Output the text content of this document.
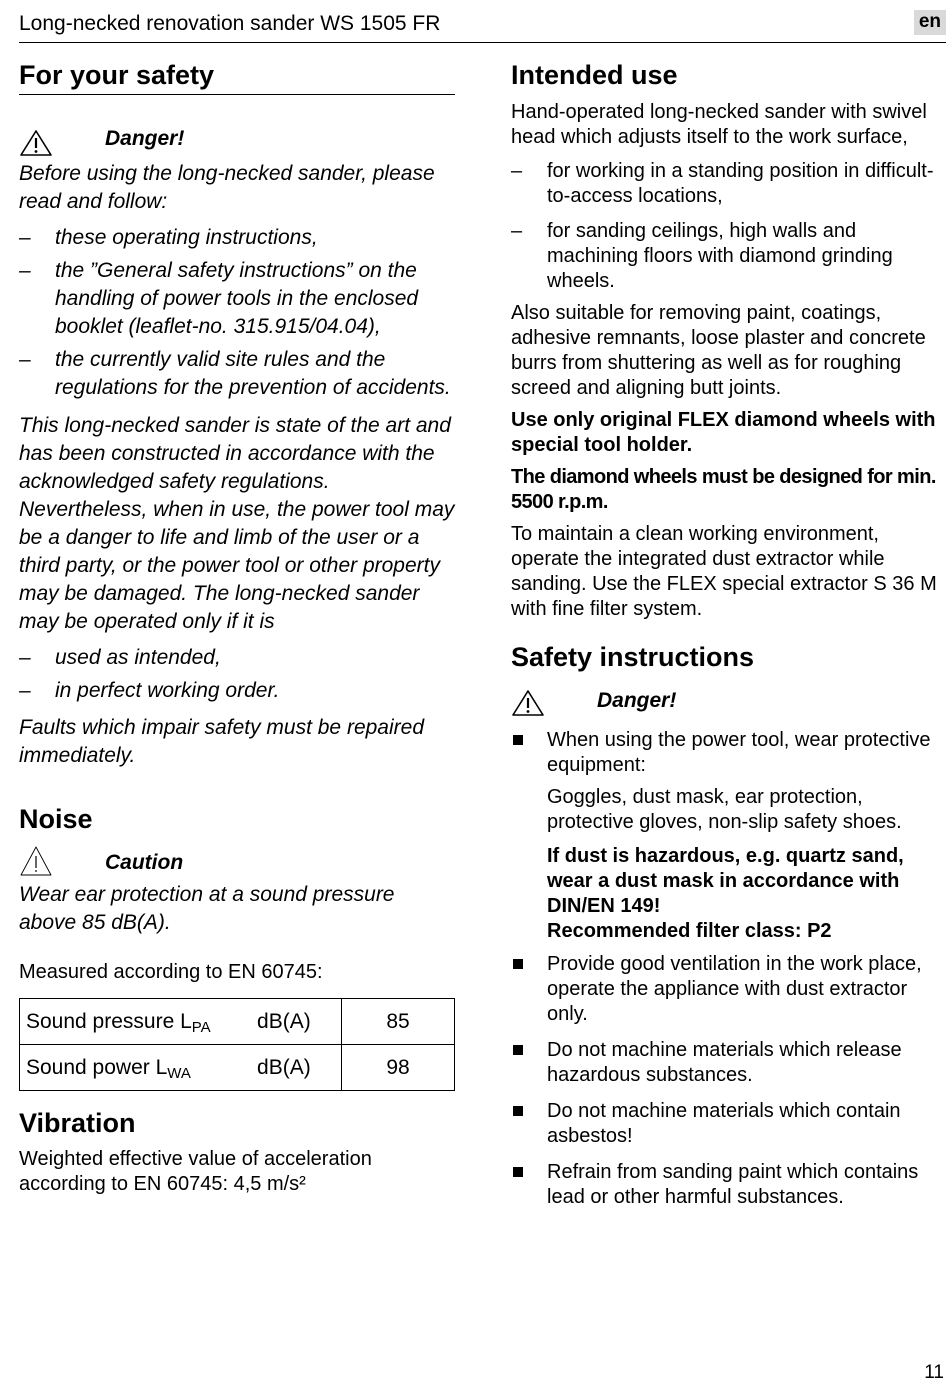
Long-necked renovation sander WS 1505 FR	en
For your safety
Danger!

Before using the long-necked sander, please read and follow:

– these operating instructions,
– the ”General safety instructions” on the handling of power tools in the enclosed booklet (leaflet-no. 315.915/04.04),
– the currently valid site rules and the regulations for the prevention of accidents.

This long-necked sander is state of the art and has been constructed in accordance with the acknowledged safety regulations. Nevertheless, when in use, the power tool may be a danger to life and limb of the user or a third party, or the power tool or other property may be damaged. The long-necked sander may be operated only if it is

– used as intended,
– in perfect working order.

Faults which impair safety must be repaired immediately.

Noise
Caution

Wear ear protection at a sound pressure above 85 dB(A).

Measured according to EN 60745:

Sound pressure $L_{PA}$	dB(A)	85
Sound power $L_{WA}$	dB(A)	98
Vibration

Weighted effective value of acceleration according to EN 60745: 4,5 m/s²

Intended use

Hand-operated long-necked sander with swivel head which adjusts itself to the work surface,

– for working in a standing position in difficult-to-access locations,
– for sanding ceilings, high walls and machining floors with diamond grinding wheels.

Also suitable for removing paint, coatings, adhesive remnants, loose plaster and concrete burrs from shuttering as well as for roughing screed and aligning butt joints.

Use only original FLEX diamond wheels with special tool holder.

The diamond wheels must be designed for min. 5500 r.p.m.

To maintain a clean working environment, operate the integrated dust extractor while sanding. Use the FLEX special extractor S 36 M with fine filter system.

Safety instructions
Danger!

When using the power tool, wear protective equipment:

Goggles, dust mask, ear protection, protective gloves, non-slip safety shoes.

If dust is hazardous, e.g. quartz sand, wear a dust mask in accordance with DIN/EN 149!

Recommended filter class: P2

Provide good ventilation in the work place, operate the appliance with dust extractor only.
Do not machine materials which release hazardous substances.
Do not machine materials which contain asbestos!
Refrain from sanding paint which contains lead or other harmful substances.
11
